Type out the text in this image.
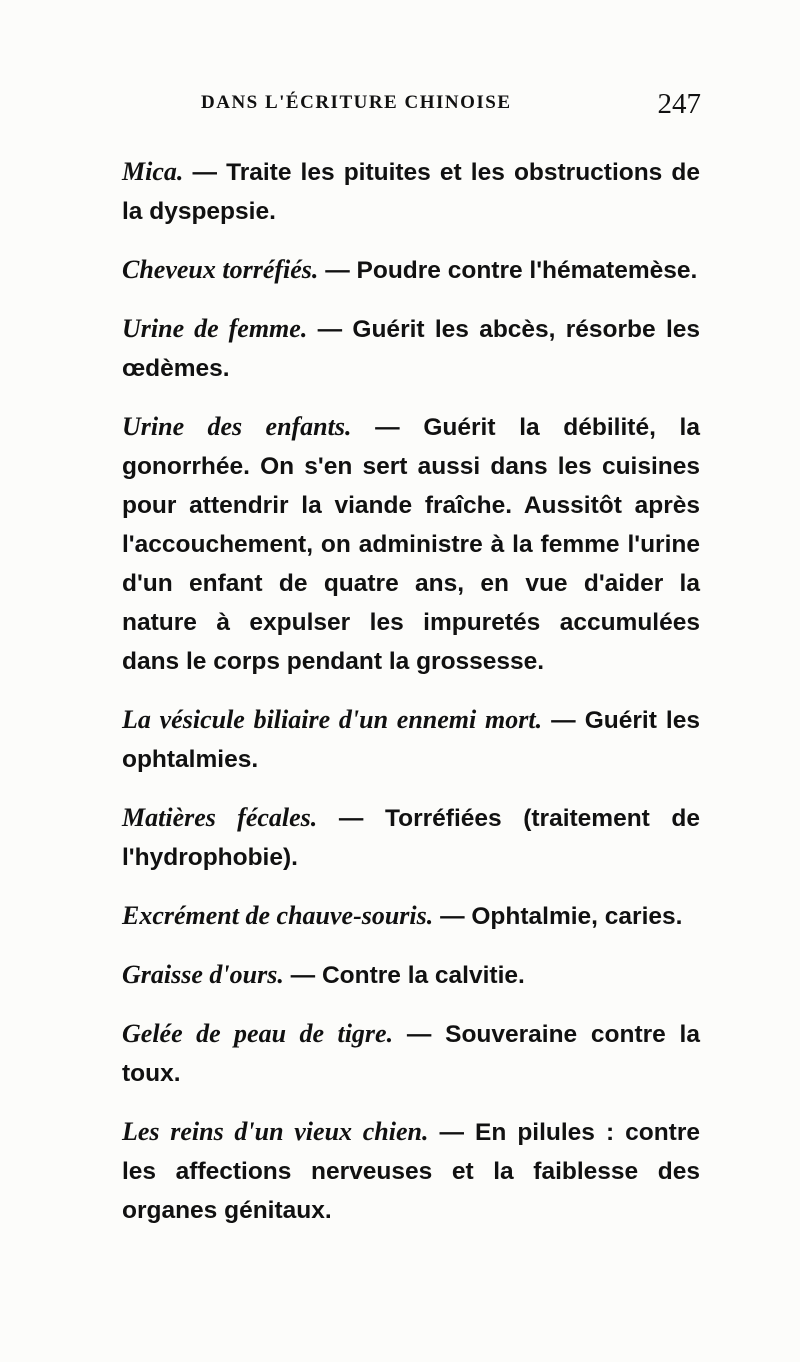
DANS L'ÉCRITURE CHINOISE	247

Mica. — Traite les pituites et les obstructions de la dyspepsie.

Cheveux torréfiés. — Poudre contre l'hématemèse.

Urine de femme. — Guérit les abcès, résorbe les œdèmes.

Urine des enfants. — Guérit la débilité, la gonorrhée. On s'en sert aussi dans les cuisines pour attendrir la viande fraîche. Aussitôt après l'accouchement, on administre à la femme l'urine d'un enfant de quatre ans, en vue d'aider la nature à expulser les impuretés accumulées dans le corps pendant la grossesse.

La vésicule biliaire d'un ennemi mort. — Guérit les ophtalmies.

Matières fécales. — Torréfiées (traitement de l'hydrophobie).

Excrément de chauve-souris. — Ophtalmie, caries.

Graisse d'ours. — Contre la calvitie.

Gelée de peau de tigre. — Souveraine contre la toux.

Les reins d'un vieux chien. — En pilules : contre les affections nerveuses et la faiblesse des organes génitaux.
